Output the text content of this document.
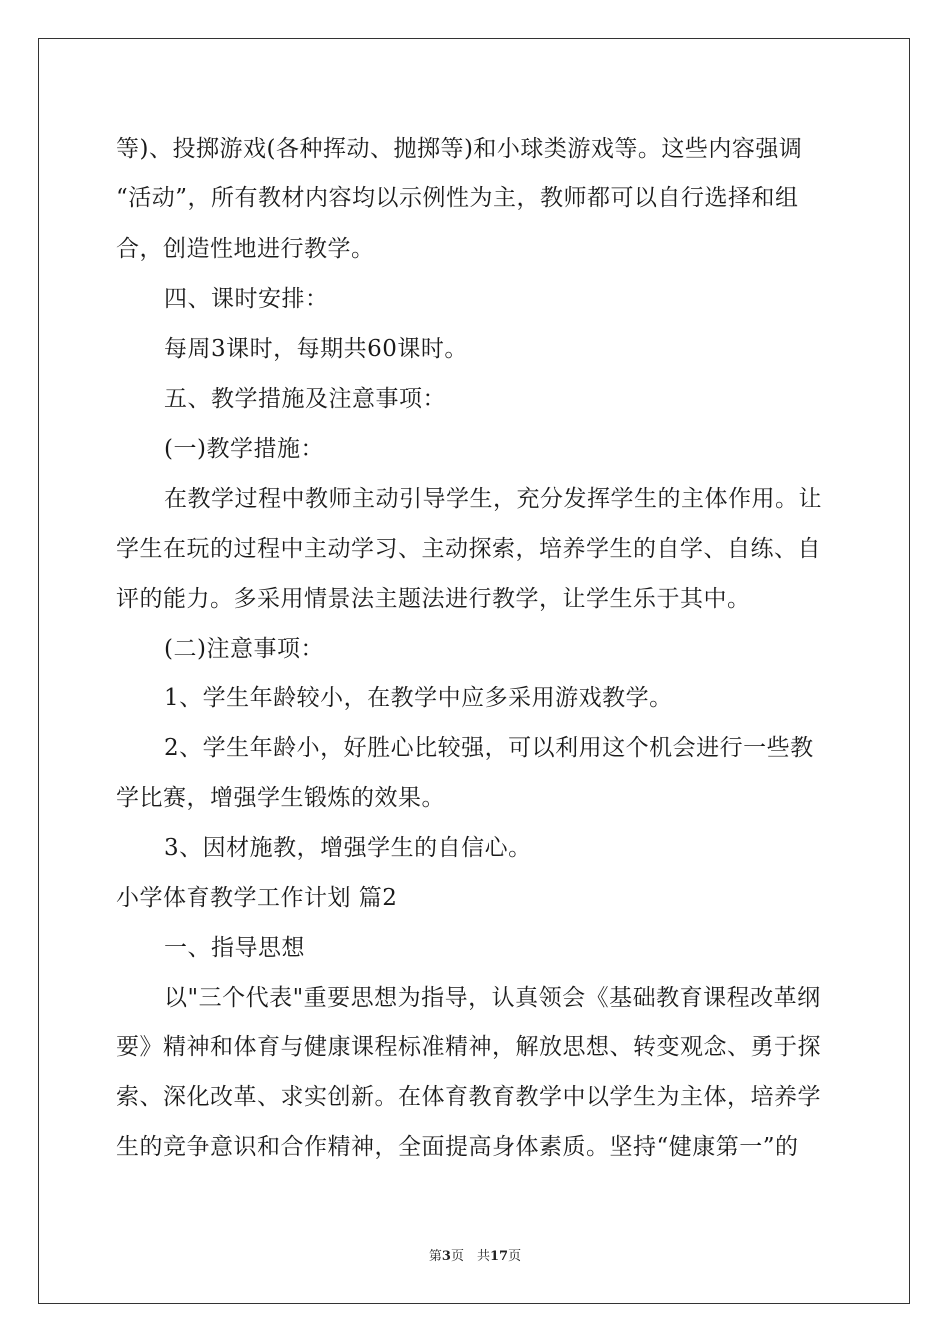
等)、投掷游戏(各种挥动、抛掷等)和小球类游戏等。这些内容强调
“活动”，所有教材内容均以示例性为主，教师都可以自行选择和组
合，创造性地进行教学。
四、课时安排：
每周3课时，每期共60课时。
五、教学措施及注意事项：
(一)教学措施：
在教学过程中教师主动引导学生，充分发挥学生的主体作用。让
学生在玩的过程中主动学习、主动探索，培养学生的自学、自练、自
评的能力。多采用情景法主题法进行教学，让学生乐于其中。
(二)注意事项：
1、学生年龄较小，在教学中应多采用游戏教学。
2、学生年龄小，好胜心比较强，可以利用这个机会进行一些教
学比赛，增强学生锻炼的效果。
3、因材施教，增强学生的自信心。
小学体育教学工作计划 篇2
一、指导思想
以"三个代表"重要思想为指导，认真领会《基础教育课程改革纲
要》精神和体育与健康课程标准精神，解放思想、转变观念、勇于探
索、深化改革、求实创新。在体育教育教学中以学生为主体，培养学
生的竞争意识和合作精神，全面提高身体素质。坚持“健康第一”的
第3页　共17页
